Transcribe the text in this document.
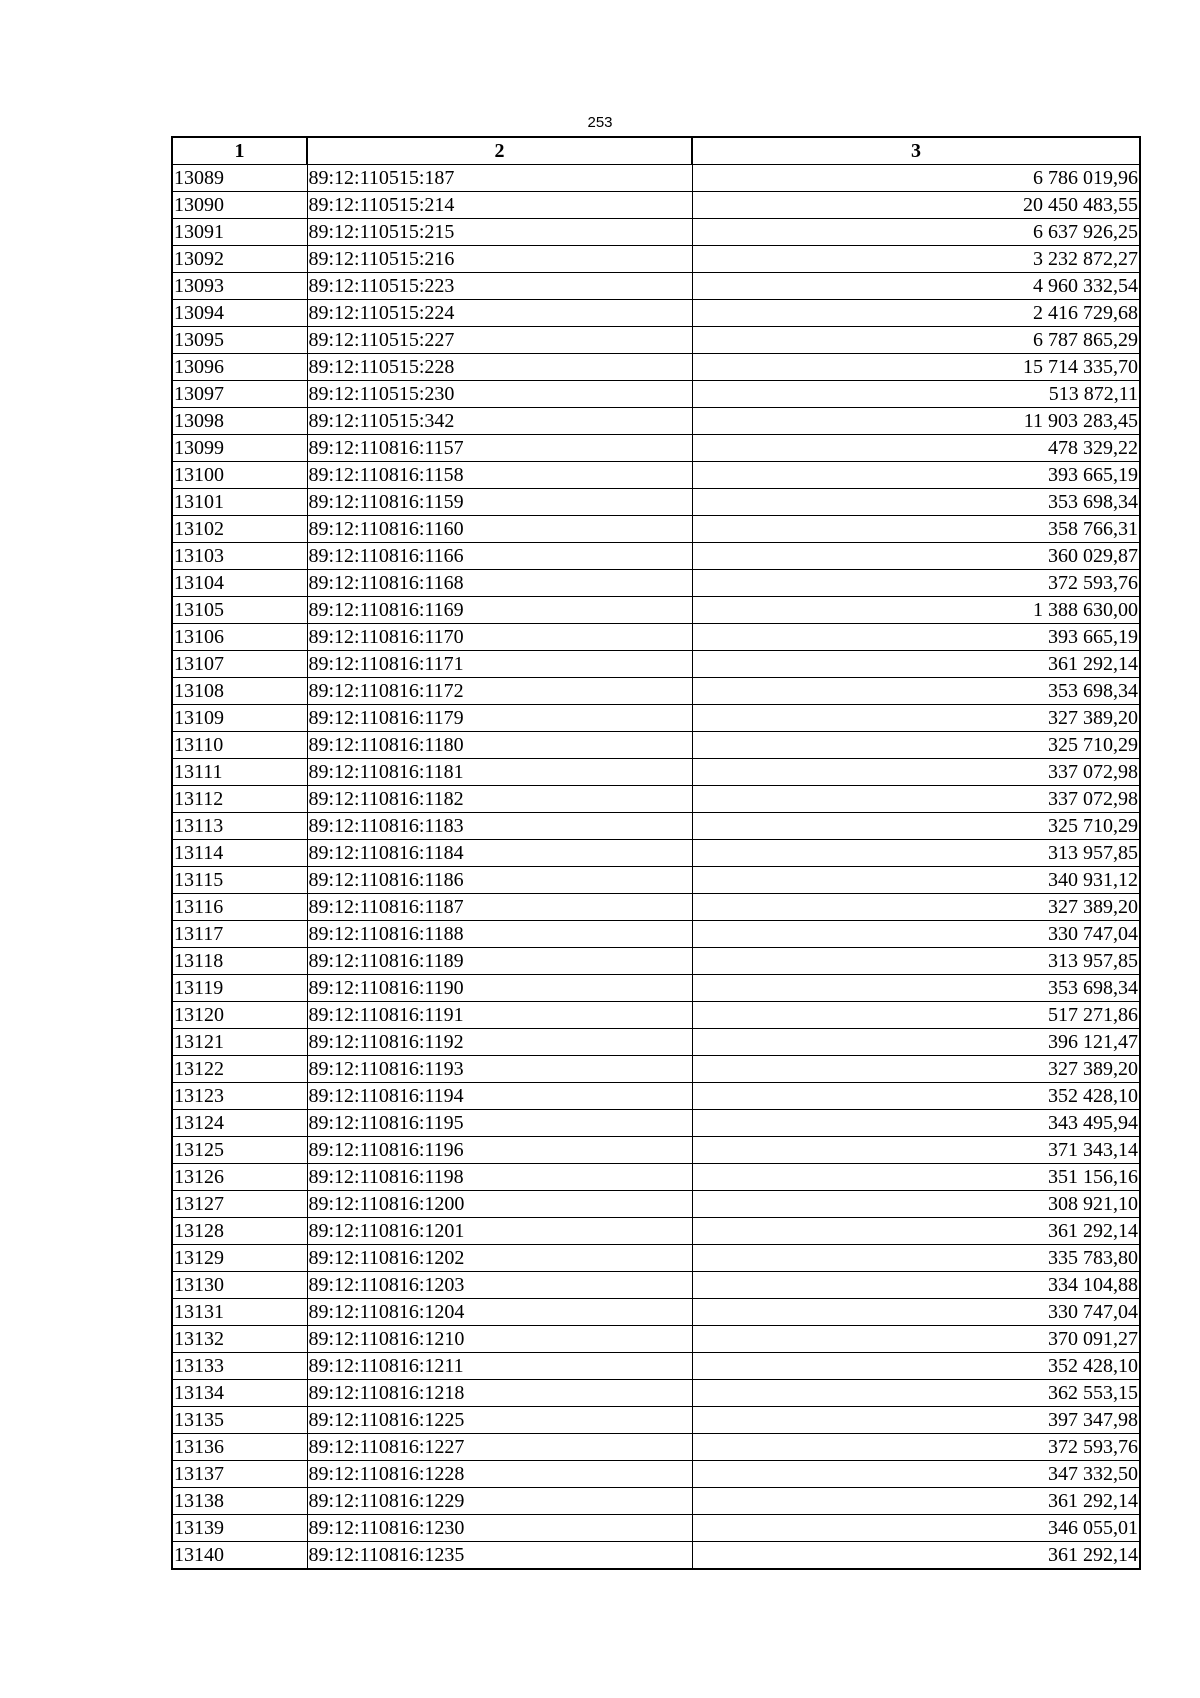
253
1	2	3
13089	89:12:110515:187	6 786 019,96
13090	89:12:110515:214	20 450 483,55
13091	89:12:110515:215	6 637 926,25
13092	89:12:110515:216	3 232 872,27
13093	89:12:110515:223	4 960 332,54
13094	89:12:110515:224	2 416 729,68
13095	89:12:110515:227	6 787 865,29
13096	89:12:110515:228	15 714 335,70
13097	89:12:110515:230	513 872,11
13098	89:12:110515:342	11 903 283,45
13099	89:12:110816:1157	478 329,22
13100	89:12:110816:1158	393 665,19
13101	89:12:110816:1159	353 698,34
13102	89:12:110816:1160	358 766,31
13103	89:12:110816:1166	360 029,87
13104	89:12:110816:1168	372 593,76
13105	89:12:110816:1169	1 388 630,00
13106	89:12:110816:1170	393 665,19
13107	89:12:110816:1171	361 292,14
13108	89:12:110816:1172	353 698,34
13109	89:12:110816:1179	327 389,20
13110	89:12:110816:1180	325 710,29
13111	89:12:110816:1181	337 072,98
13112	89:12:110816:1182	337 072,98
13113	89:12:110816:1183	325 710,29
13114	89:12:110816:1184	313 957,85
13115	89:12:110816:1186	340 931,12
13116	89:12:110816:1187	327 389,20
13117	89:12:110816:1188	330 747,04
13118	89:12:110816:1189	313 957,85
13119	89:12:110816:1190	353 698,34
13120	89:12:110816:1191	517 271,86
13121	89:12:110816:1192	396 121,47
13122	89:12:110816:1193	327 389,20
13123	89:12:110816:1194	352 428,10
13124	89:12:110816:1195	343 495,94
13125	89:12:110816:1196	371 343,14
13126	89:12:110816:1198	351 156,16
13127	89:12:110816:1200	308 921,10
13128	89:12:110816:1201	361 292,14
13129	89:12:110816:1202	335 783,80
13130	89:12:110816:1203	334 104,88
13131	89:12:110816:1204	330 747,04
13132	89:12:110816:1210	370 091,27
13133	89:12:110816:1211	352 428,10
13134	89:12:110816:1218	362 553,15
13135	89:12:110816:1225	397 347,98
13136	89:12:110816:1227	372 593,76
13137	89:12:110816:1228	347 332,50
13138	89:12:110816:1229	361 292,14
13139	89:12:110816:1230	346 055,01
13140	89:12:110816:1235	361 292,14
